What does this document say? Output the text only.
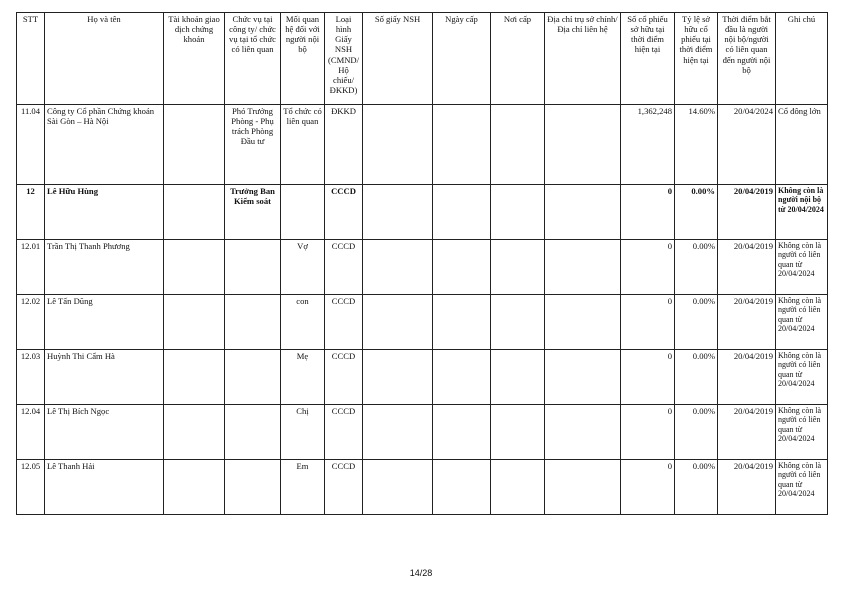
STT	Họ và tên	Tài khoản giao dịch chứng khoán	Chức vụ tại công ty/ chức vụ tại tổ chức có liên quan	Mối quan hệ đối với người nội bộ	Loại hình Giấy NSH (CMND/ Hộ chiếu/ ĐKKD)	Số giấy NSH	Ngày cấp	Nơi cấp	Địa chỉ trụ sở chính/Địa chỉ liên hệ	Số cổ phiếu sở hữu tại thời điểm hiện tại	Tỷ lệ sở hữu cổ phiếu tại thời điểm hiện tại	Thời điểm bắt đầu là người nội bộ/người có liên quan đến người nội bộ	Ghi chú
11.04	Công ty Cổ phần Chứng khoán Sài Gòn – Hà Nội		Phó Trưởng Phòng - Phụ trách Phòng Đầu tư	Tổ chức có liên quan	ĐKKD					1,362,248	14.60%	20/04/2024	Cổ đông lớn
12	Lê Hữu Hùng		Trưởng Ban Kiểm soát		CCCD					0	0.00%	20/04/2019	Không còn là người nội bộ từ 20/04/2024
12.01	Trần Thị Thanh Phương			Vợ	CCCD					0	0.00%	20/04/2019	Không còn là người có liên quan từ 20/04/2024
12.02	Lê Tấn Dũng			con	CCCD					0	0.00%	20/04/2019	Không còn là người có liên quan từ 20/04/2024
12.03	Huỳnh Thi Cẩm Hà			Mẹ	CCCD					0	0.00%	20/04/2019	Không còn là người có liên quan từ 20/04/2024
12.04	Lê Thị Bích Ngọc			Chị	CCCD					0	0.00%	20/04/2019	Không còn là người có liên quan từ 20/04/2024
12.05	Lê Thanh Hải			Em	CCCD					0	0.00%	20/04/2019	Không còn là người có liên quan từ 20/04/2024
14/28
